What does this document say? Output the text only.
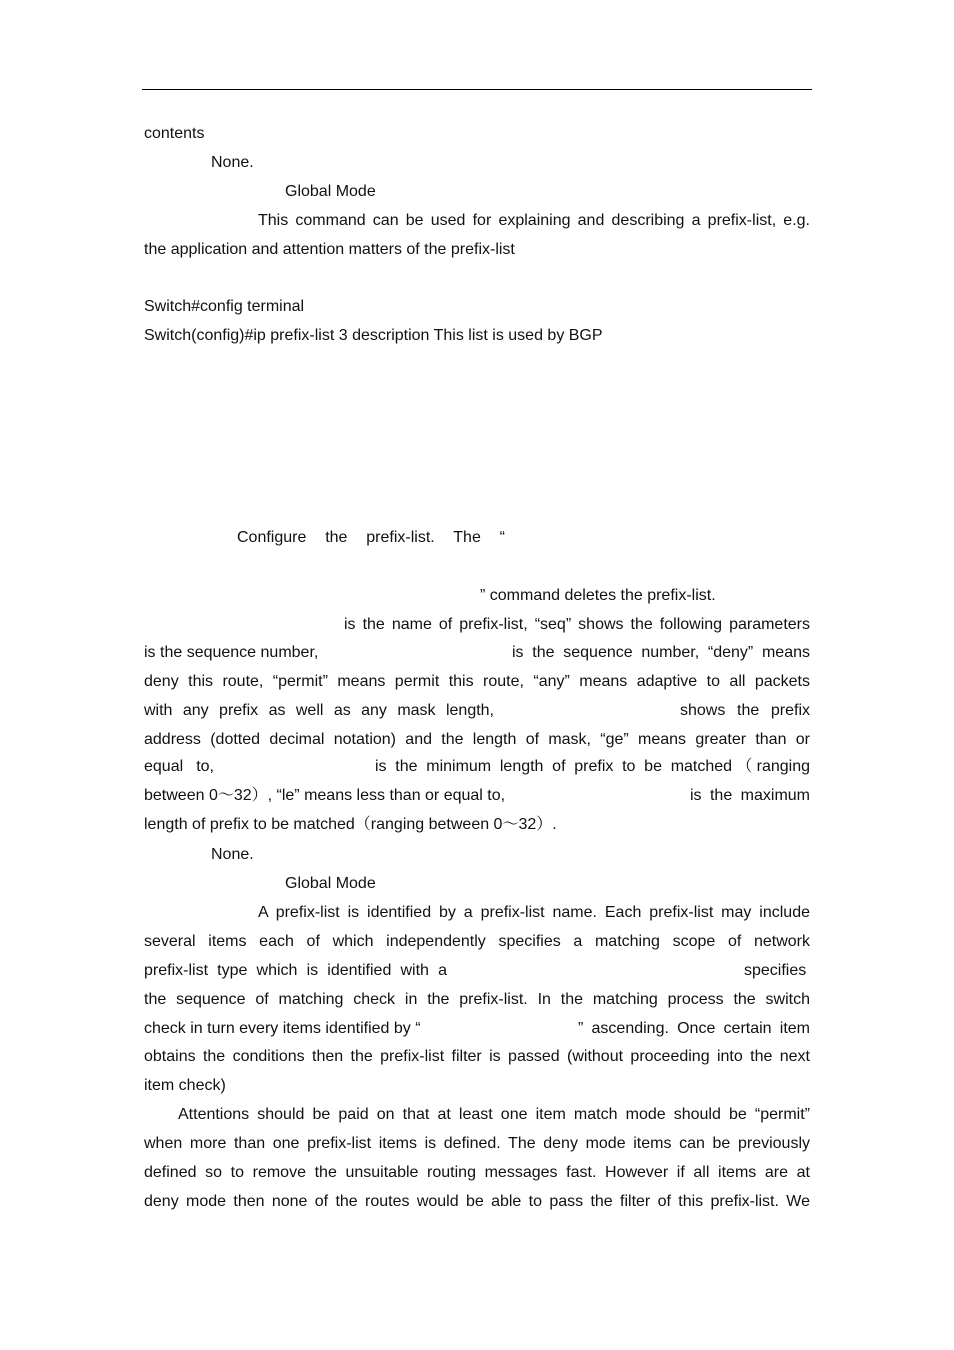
contents
None.
Global Mode
This command can be used for explaining and describing a prefix-list, e.g.
the application and attention matters of the prefix-list
Switch#config terminal
Switch(config)#ip prefix-list 3 description This list is used by BGP
Configure the prefix-list. The “
” command deletes the prefix-list.
is the name of prefix-list, “seq” shows the following parameters
is the sequence number,	is the sequence number, “deny” means
deny this route, “permit” means permit this route, “any” means adaptive to all packets
with any prefix as well as any mask length,	shows the prefix
address (dotted decimal notation) and the length of mask, “ge” means greater than or
equal to,	is the minimum length of prefix to be matched（ranging
between 0～32）, “le” means less than or equal to,	is the maximum
length of prefix to be matched（ranging between 0～32）.
None.
Global Mode
A prefix-list is identified by a prefix-list name. Each prefix-list may include
several items each of which independently specifies a matching scope of network
prefix-list type which is identified with a	specifies
the sequence of matching check in the prefix-list. In the matching process the switch
check in turn every items identified by “	” ascending. Once certain item
obtains the conditions then the prefix-list filter is passed (without proceeding into the next
item check)
Attentions should be paid on that at least one item match mode should be “permit”
when more than one prefix-list items is defined. The deny mode items can be previously
defined so to remove the unsuitable routing messages fast. However if all items are at
deny mode then none of the routes would be able to pass the filter of this prefix-list. We
